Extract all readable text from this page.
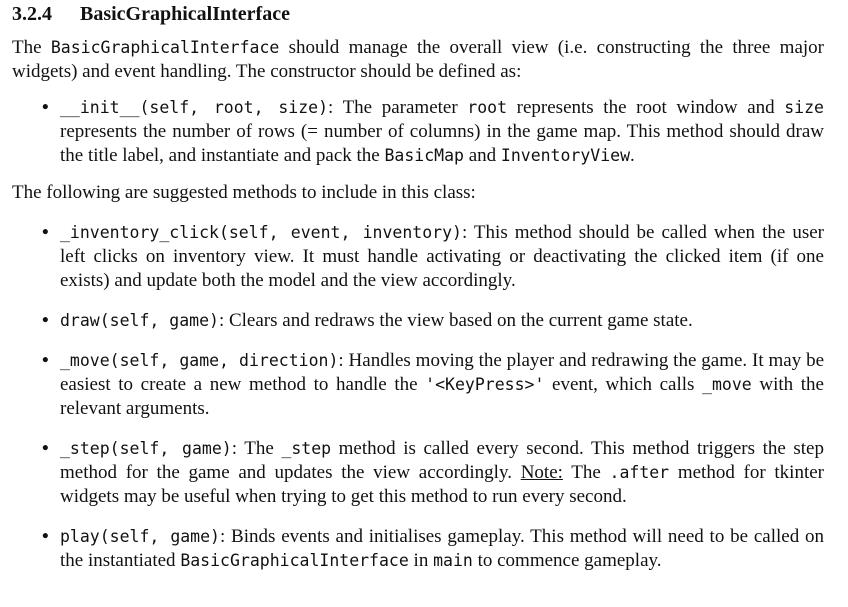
3.2.4 BasicGraphicalInterface

The BasicGraphicalInterface should manage the overall view (i.e. constructing the three major widgets) and event handling. The constructor should be defined as:

• __init__(self, root, size): The parameter root represents the root window and size represents the number of rows (= number of columns) in the game map. This method should draw the title label, and instantiate and pack the BasicMap and InventoryView.

The following are suggested methods to include in this class:

• _inventory_click(self, event, inventory): This method should be called when the user left clicks on inventory view. It must handle activating or deactivating the clicked item (if one exists) and update both the model and the view accordingly.
• draw(self, game): Clears and redraws the view based on the current game state.
• _move(self, game, direction): Handles moving the player and redrawing the game. It may be easiest to create a new method to handle the '<KeyPress>' event, which calls _move with the relevant arguments.
• _step(self, game): The _step method is called every second. This method triggers the step method for the game and updates the view accordingly. Note: The .after method for tkinter widgets may be useful when trying to get this method to run every second.
• play(self, game): Binds events and initialises gameplay. This method will need to be called on the instantiated BasicGraphicalInterface in main to commence gameplay.
